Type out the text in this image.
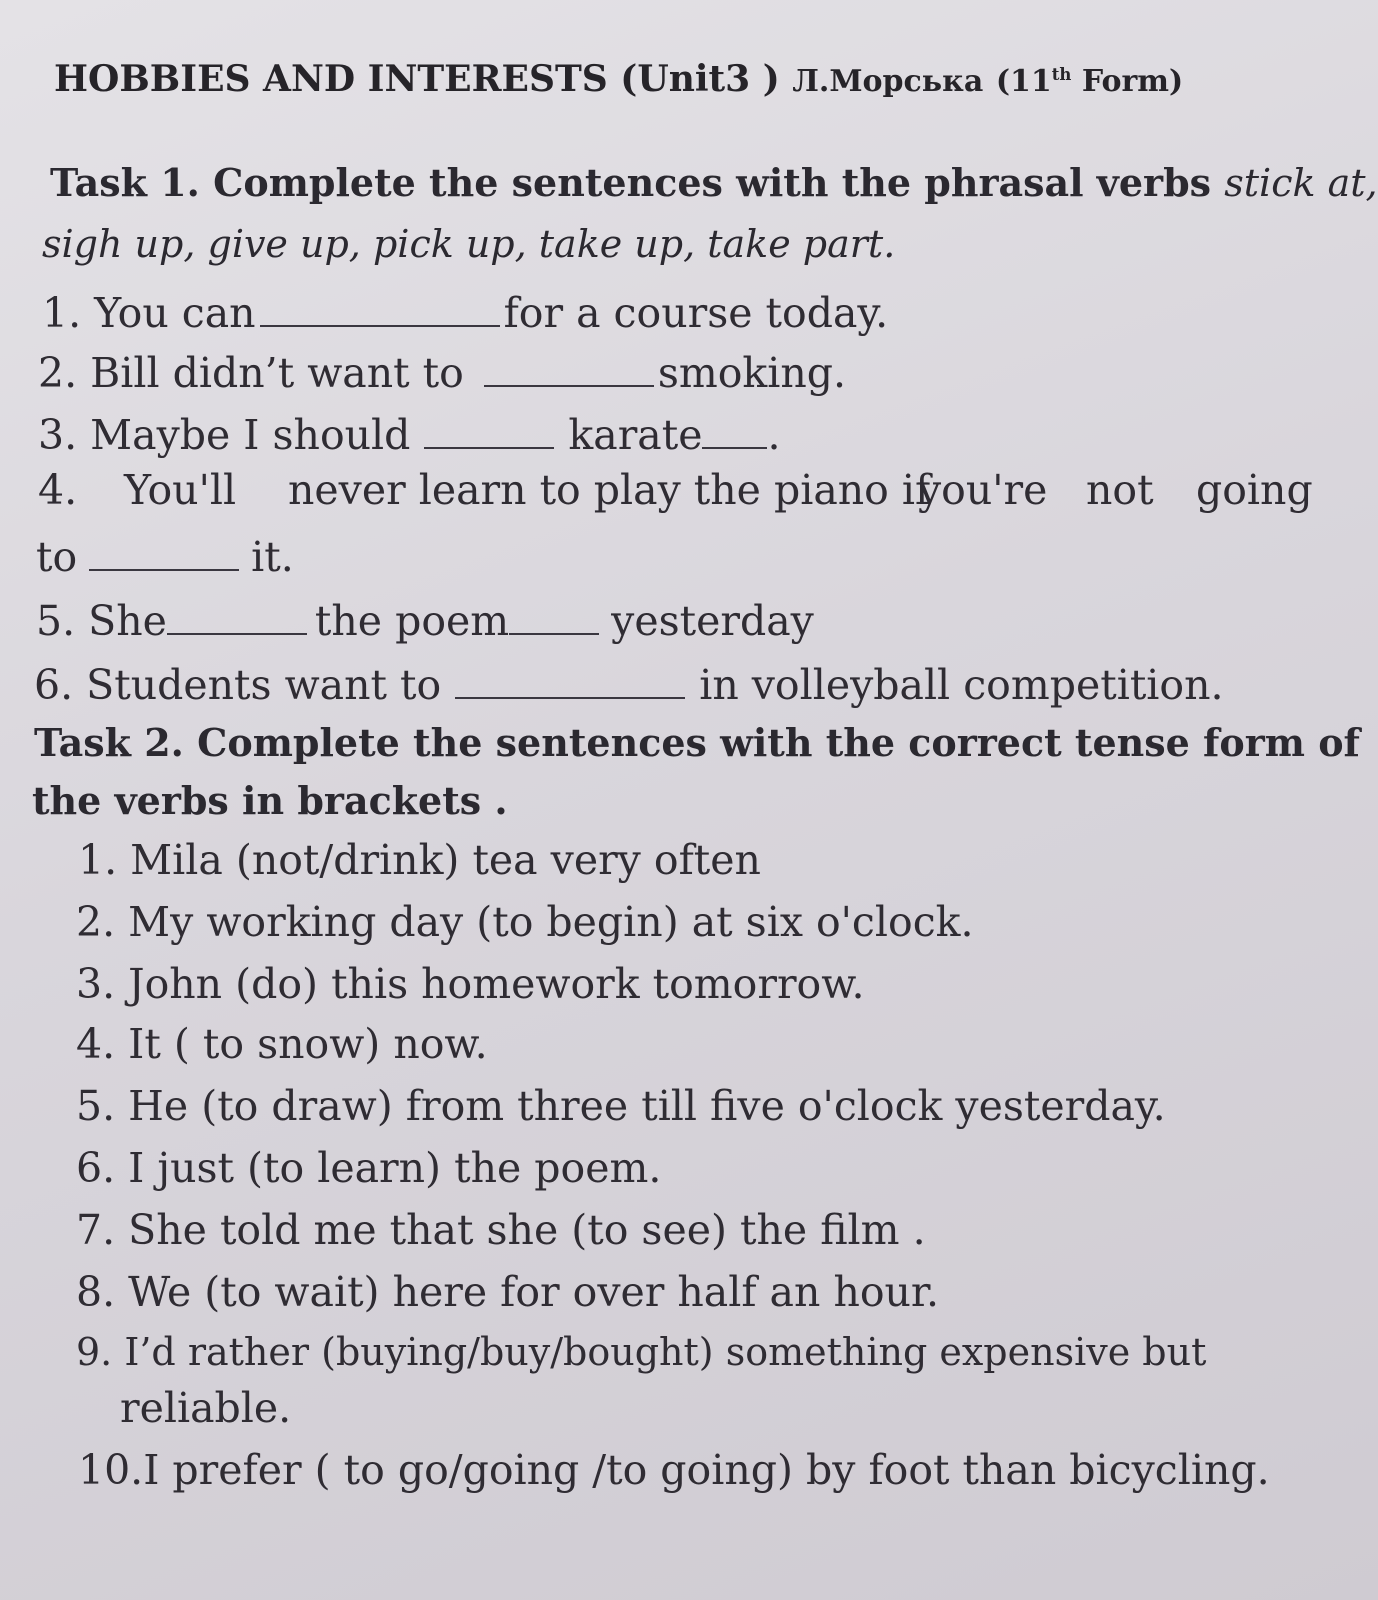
HOBBIES AND INTERESTS (Unit3 ) Л.Морська (11th Form)
Task 1. Complete the sentences with the phrasal verbs stick at,
sigh up, give up, pick up, take up, take part.
1. You can	for a course today.
2. Bill didn’t want to	smoking.
3. Maybe I should	karate .
4. You'll never learn to play the piano if
you're not going
to	it.
5. She	the poem yesterday
6. Students want to	in volleyball competition.
Task 2. Complete the sentences with the correct tense form of
the verbs in brackets .
1. Mila (not/drink) tea very often
2. My working day (to begin) at six o'clock.
3. John (do) this homework tomorrow.
4. It ( to snow) now.
5. He (to draw) from three till five o'clock yesterday.
6. I just (to learn) the poem.
7. She told me that she (to see) the film .
8. We (to wait) here for over half an hour.
9. I’d rather (buying/buy/bought) something expensive but
reliable.
10.I prefer ( to go/going /to going) by foot than bicycling.
